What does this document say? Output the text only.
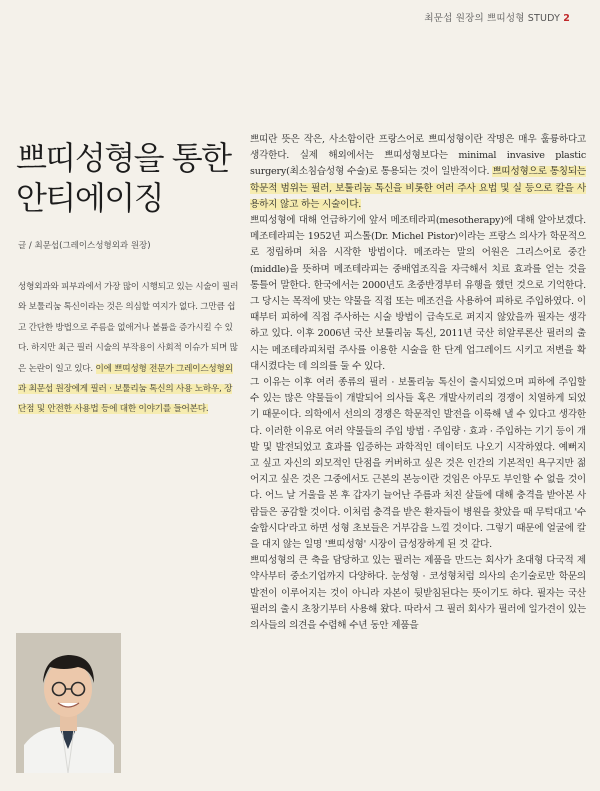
최문섭 원장의 쁘띠성형 STUDY 2
쁘띠성형을 통한
안티에이징
글 / 최문섭(그레이스성형외과 원장)
성형외과와 피부과에서 가장 많이 시행되고 있는 시술이 필러와 보툴리눔 톡신이라는 것은 의심할 여지가 없다. 그만큼 쉽고 간단한 방법으로 주름을 없애거나 볼륨을 증가시킬 수 있다. 하지만 최근 필러 시술의 부작용이 사회적 이슈가 되며 많은 논란이 일고 있다. 이에 쁘띠성형 전문가 그레이스성형외과 최문섭 원장에게 필러 · 보툴리눔 톡신의 사용 노하우, 장단점 및 안전한 사용법 등에 대한 이야기를 들어본다.

쁘띠란 뜻은 작은, 사소함이란 프랑스어로 쁘띠성형이란 작명은 매우 훌륭하다고 생각한다. 실제 해외에서는 쁘띠성형보다는 minimal invasive plastic surgery(최소침습성형 수술)로 통용되는 것이 일반적이다. 쁘띠성형으로 통칭되는 학문적 범위는 필러, 보툴리눔 톡신을 비롯한 여러 주사 요법 및 실 등으로 칼을 사용하지 않고 하는 시술이다.

쁘띠성형에 대해 언급하기에 앞서 메조테라피(mesotherapy)에 대해 알아보겠다. 메조테라피는 1952년 피스톨(Dr. Michel Pistor)이라는 프랑스 의사가 학문적으로 정립하며 처음 시작한 방법이다. 메조라는 말의 어원은 그리스어로 중간(middle)을 뜻하며 메조테라피는 중배엽조직을 자극해서 치료 효과를 얻는 것을 통틀어 말한다. 한국에서는 2000년도 초중반경부터 유행을 했던 것으로 기억한다. 그 당시는 목적에 맞는 약물을 직접 또는 메조건을 사용하여 피하로 주입하였다. 이때부터 피하에 직접 주사하는 시술 방법이 급속도로 퍼지지 않았을까 필자는 생각하고 있다. 이후 2006년 국산 보툴리눔 톡신, 2011년 국산 히알루론산 필러의 출시는 메조테라피처럼 주사를 이용한 시술을 한 단계 업그레이드 시키고 저변을 확대시켰다는 데 의의를 둘 수 있다.

그 이유는 이후 여러 종류의 필러 · 보톨리눔 톡신이 출시되었으며 피하에 주입할 수 있는 많은 약물들이 개발되어 의사들 혹은 개발사끼리의 경쟁이 치열하게 되었기 때문이다. 의학에서 선의의 경쟁은 학문적인 발전을 이룩해 낼 수 있다고 생각한다. 이러한 이유로 여러 약물들의 주입 방법 · 주입량 · 효과 · 주입하는 기기 등이 개발 및 발전되었고 효과를 입증하는 과학적인 데이터도 나오기 시작하였다. 예뻐지고 싶고 자신의 외모적인 단점을 커버하고 싶은 것은 인간의 기본적인 욕구지만 젊어지고 싶은 것은 그중에서도 근본의 본능이란 것임은 아무도 부인할 수 없을 것이다. 어느 날 거울을 본 후 갑자기 늘어난 주름과 처진 살들에 대해 충격을 받아본 사람들은 공감할 것이다. 이처럼 충격을 받은 환자들이 병원을 찾았을 때 무턱대고 '수술합시다'라고 하면 성형 초보들은 거부감을 느낄 것이다. 그렇기 때문에 얼굴에 칼을 대지 않는 일명 '쁘띠성형' 시장이 급성장하게 된 것 같다.

쁘띠성형의 큰 축을 담당하고 있는 필러는 제품을 만드는 회사가 초대형 다국적 제약사부터 중소기업까지 다양하다. 눈성형 · 코성형처럼 의사의 손기술로만 학문의 발전이 이루어지는 것이 아니라 자본이 뒷받침된다는 뜻이기도 하다. 필자는 국산 필러의 출시 초창기부터 사용해 왔다. 따라서 그 필러 회사가 필러에 일가견이 있는 의사들의 의견을 수렴해 수년 동안 제품을
